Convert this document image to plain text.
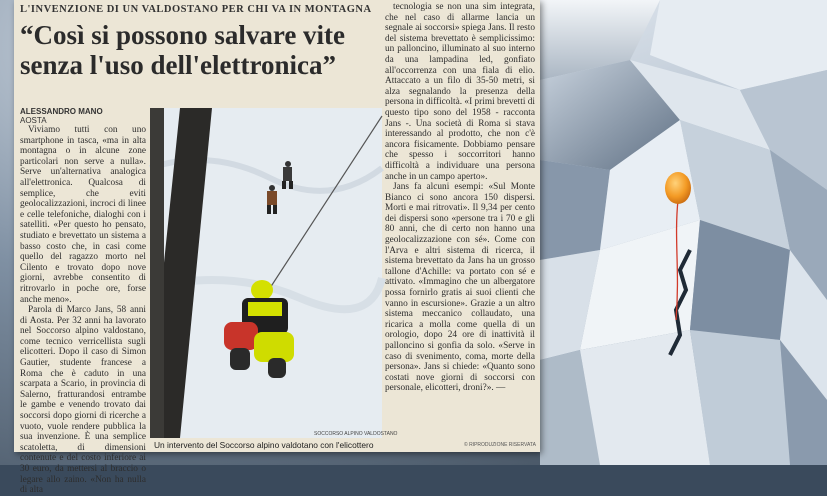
L'INVENZIONE DI UN VALDOSTANO PER CHI VA IN MONTAGNA
“Così si possono salvare vite senza l'uso dell'elettronica”
ALESSANDRO MANO
AOSTA

Viviamo tutti con uno smartphone in tasca, «ma in alta montagna o in alcune zone particolari non serve a nulla». Serve un'alternativa analogica all'elettronica. Qualcosa di semplice, che eviti geolocalizzazioni, incroci di linee e celle telefoniche, dialoghi con i satelliti. «Per questo ho pensato, studiato e brevettato un sistema a basso costo che, in casi come quello del ragazzo morto nel Cilento e trovato dopo nove giorni, avrebbe consentito di ritrovarlo in poche ore, forse anche meno».

Parola di Marco Jans, 58 anni di Aosta. Per 32 anni ha lavorato nel Soccorso alpino valdostano, come tecnico verricellista sugli elicotteri. Dopo il caso di Simon Gautier, studente francese a Roma che è caduto in una scarpata a Scario, in provincia di Salerno, fratturandosi entrambe le gambe e venendo trovato dai soccorsi dopo giorni di ricerche a vuoto, vuole rendere pubblica la sua invenzione. È una semplice scatoletta, di dimensioni contenute e del costo inferiore ai 30 euro, da mettersi al braccio o legare allo zaino. «Non ha nulla di alta

SOCCORSO ALPINO VALDOSTANO
Un intervento del Soccorso alpino valdotano con l'elicottero

tecnologia se non una sim integrata, che nel caso di allarme lancia un segnale ai soccorsi» spiega Jans. Il resto del sistema brevettato è semplicissimo: un palloncino, illuminato al suo interno da una lampadina led, gonfiato all'occorrenza con una fiala di elio. Attaccato a un filo di 35-50 metri, si alza segnalando la presenza della persona in difficoltà. «I primi brevetti di questo tipo sono del 1958 - racconta Jans -. Una società di Roma si stava interessando al prodotto, che non c'è ancora fisicamente. Dobbiamo pensare che spesso i soccorritori hanno difficoltà a individuare una persona anche in un campo aperto».

Jans fa alcuni esempi: «Sul Monte Bianco ci sono ancora 150 dispersi. Morti e mai ritrovati». Il 9,34 per cento dei dispersi sono «persone tra i 70 e gli 80 anni, che di certo non hanno una geolocalizzazione con sé». Come con l'Arva e altri sistema di ricerca, il sistema brevettato da Jans ha un grosso tallone d'Achille: va portato con sé e attivato. «Immagino che un albergatore possa fornirlo gratis ai suoi clienti che vanno in escursione». Grazie a un altro sistema meccanico collaudato, una ricarica a molla come quella di un orologio, dopo 24 ore di inattività il palloncino si gonfia da solo. «Serve in caso di svenimento, coma, morte della persona». Jans si chiede: «Quanto sono costati nove giorni di soccorsi con personale, elicotteri, droni?». —

© RIPRODUZIONE RISERVATA
